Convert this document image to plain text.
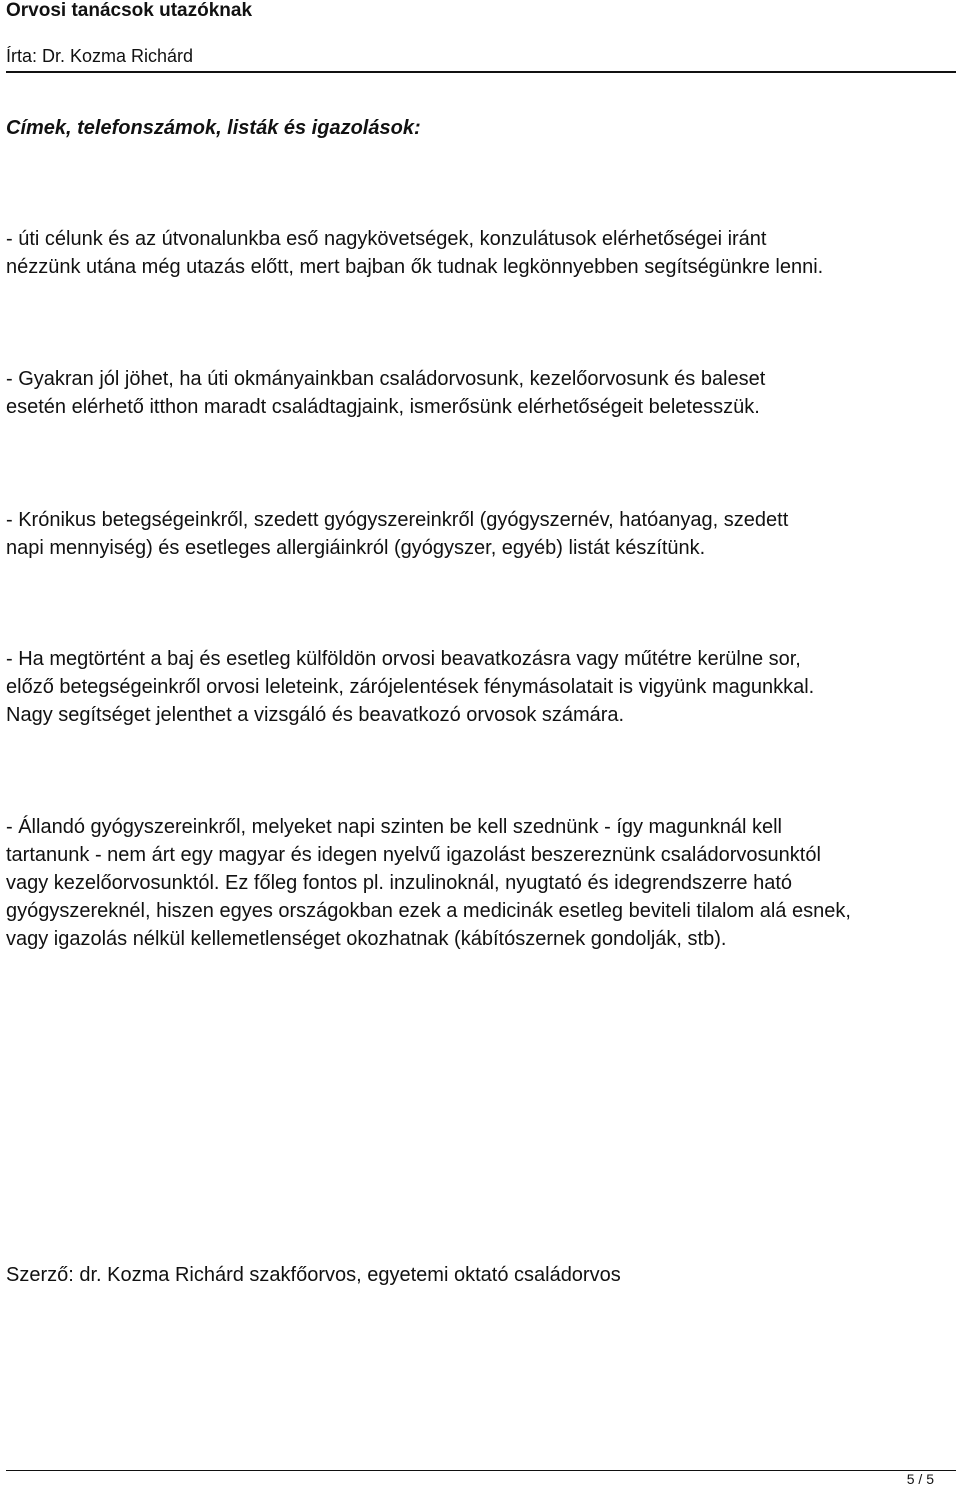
Orvosi tanácsok utazóknak
Írta: Dr. Kozma Richárd
Címek, telefonszámok, listák és igazolások:
- úti célunk és az útvonalunkba eső nagykövetségek, konzulátusok elérhetőségei iránt
nézzünk utána még utazás előtt, mert bajban ők tudnak legkönnyebben segítségünkre lenni.
- Gyakran jól jöhet, ha úti okmányainkban családorvosunk, kezelőorvosunk és baleset
esetén elérhető itthon maradt családtagjaink, ismerősünk elérhetőségeit beletesszük.
- Krónikus betegségeinkről, szedett gyógyszereinkről (gyógyszernév, hatóanyag, szedett
napi mennyiség) és esetleges allergiáinkról (gyógyszer, egyéb) listát készítünk.
- Ha megtörtént a baj és esetleg külföldön orvosi beavatkozásra vagy műtétre kerülne sor,
előző betegségeinkről orvosi leleteink, zárójelentések fénymásolatait is vigyünk magunkkal.
Nagy segítséget jelenthet a vizsgáló és beavatkozó orvosok számára.
- Állandó gyógyszereinkről, melyeket napi szinten be kell szednünk - így magunknál kell
tartanunk - nem árt egy magyar és idegen nyelvű igazolást beszereznünk családorvosunktól
vagy kezelőorvosunktól. Ez főleg fontos pl. inzulinoknál, nyugtató és idegrendszerre ható
gyógyszereknél, hiszen egyes országokban ezek a medicinák esetleg beviteli tilalom alá esnek,
vagy igazolás nélkül kellemetlenséget okozhatnak (kábítószernek gondolják, stb).
Szerző: dr. Kozma Richárd szakfőorvos, egyetemi oktató családorvos
5 / 5
